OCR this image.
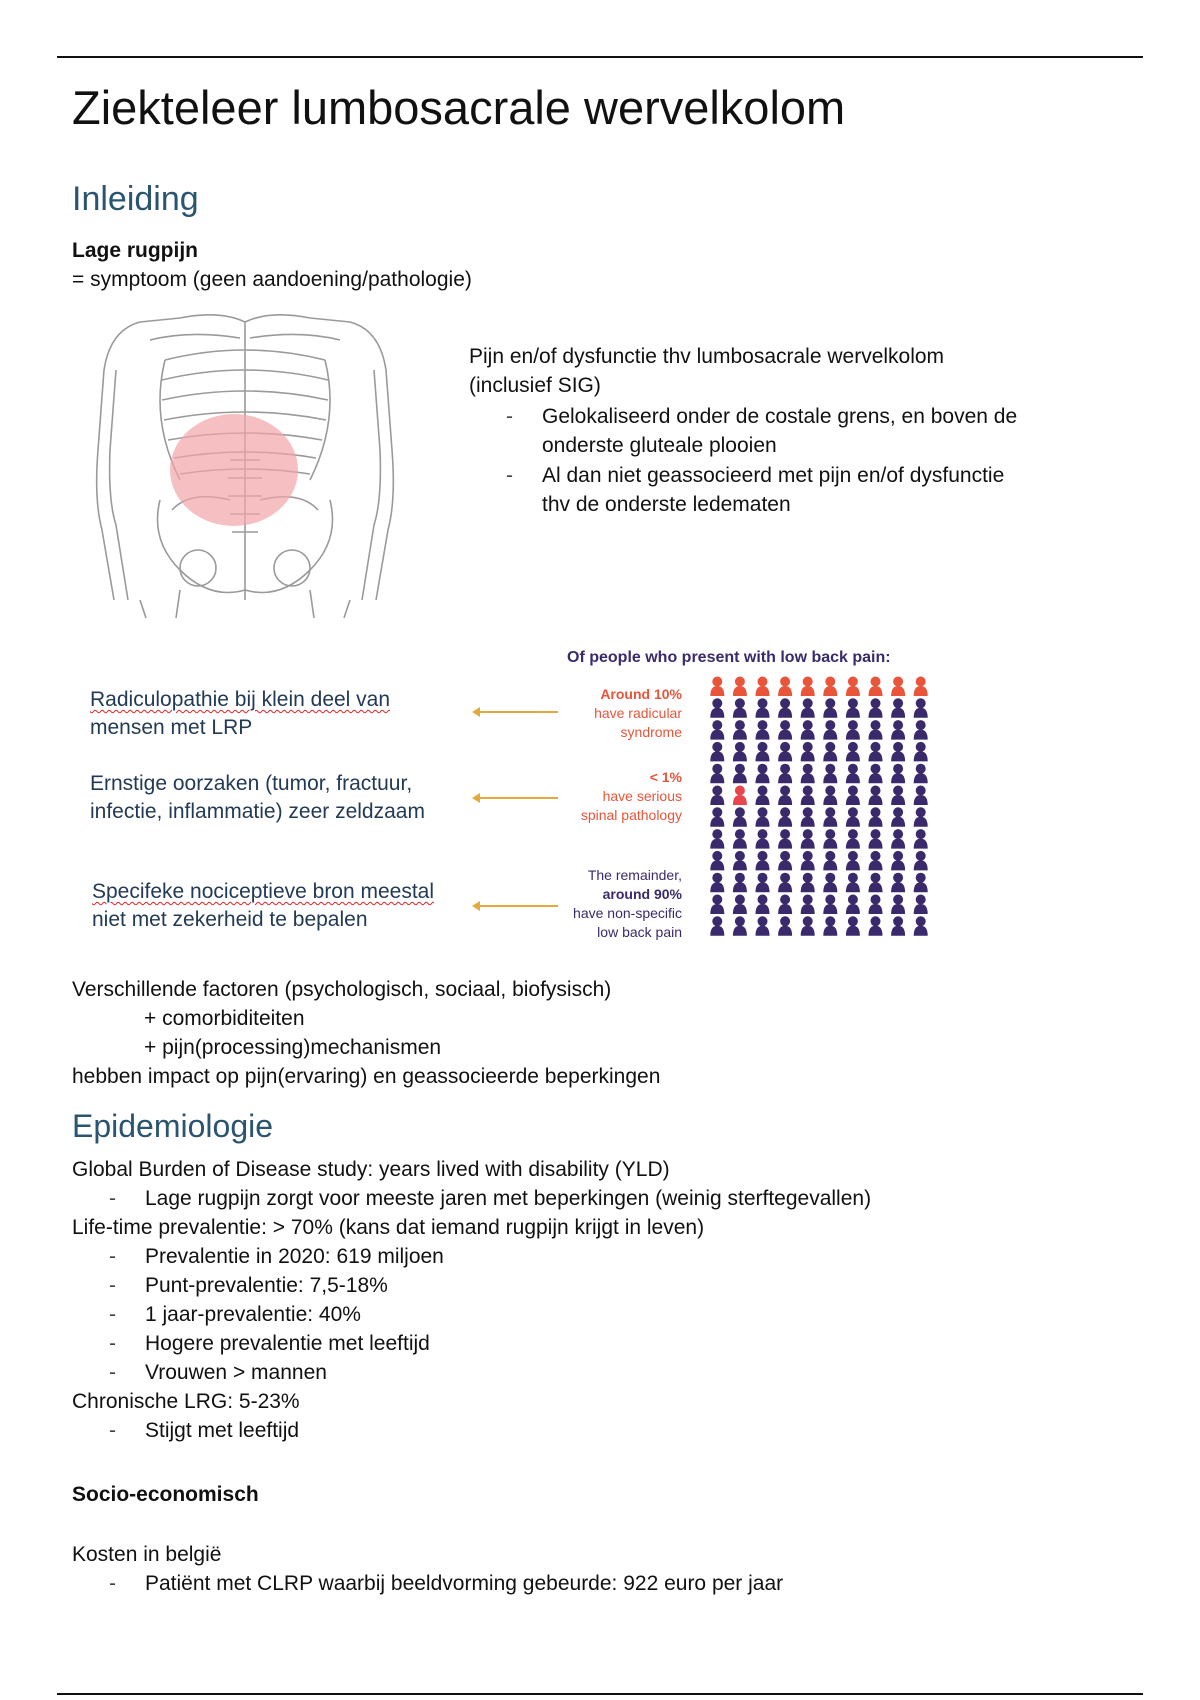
Ziekteleer lumbosacrale wervelkolom
Inleiding
Lage rugpijn
= symptoom (geen aandoening/pathologie)
Pijn en/of dysfunctie thv lumbosacrale wervelkolom
(inclusief SIG)
- Gelokaliseerd onder de costale grens, en boven de
onderste gluteale plooien
- Al dan niet geassocieerd met pijn en/of dysfunctie
thv de onderste ledematen
Of people who present with low back pain:
Radiculopathie bij klein deel van
mensen met LRP
Ernstige oorzaken (tumor, fractuur,
infectie, inflammatie) zeer zeldzaam
Specifeke nociceptieve bron meestal
niet met zekerheid te bepalen
Around 10%
have radicular
syndrome
< 1%
have serious
spinal pathology
The remainder,
around 90%
have non-specific
low back pain
Verschillende factoren (psychologisch, sociaal, biofysisch)
+ comorbiditeiten
+ pijn(processing)mechanismen
hebben impact op pijn(ervaring) en geassocieerde beperkingen
Epidemiologie
Global Burden of Disease study: years lived with disability (YLD)
- Lage rugpijn zorgt voor meeste jaren met beperkingen (weinig sterftegevallen)
Life-time prevalentie: > 70% (kans dat iemand rugpijn krijgt in leven)
- Prevalentie in 2020: 619 miljoen
- Punt-prevalentie: 7,5-18%
- 1 jaar-prevalentie: 40%
- Hogere prevalentie met leeftijd
- Vrouwen > mannen
Chronische LRG: 5-23%
- Stijgt met leeftijd
Socio-economisch
Kosten in belgië
- Patiënt met CLRP waarbij beeldvorming gebeurde: 922 euro per jaar
